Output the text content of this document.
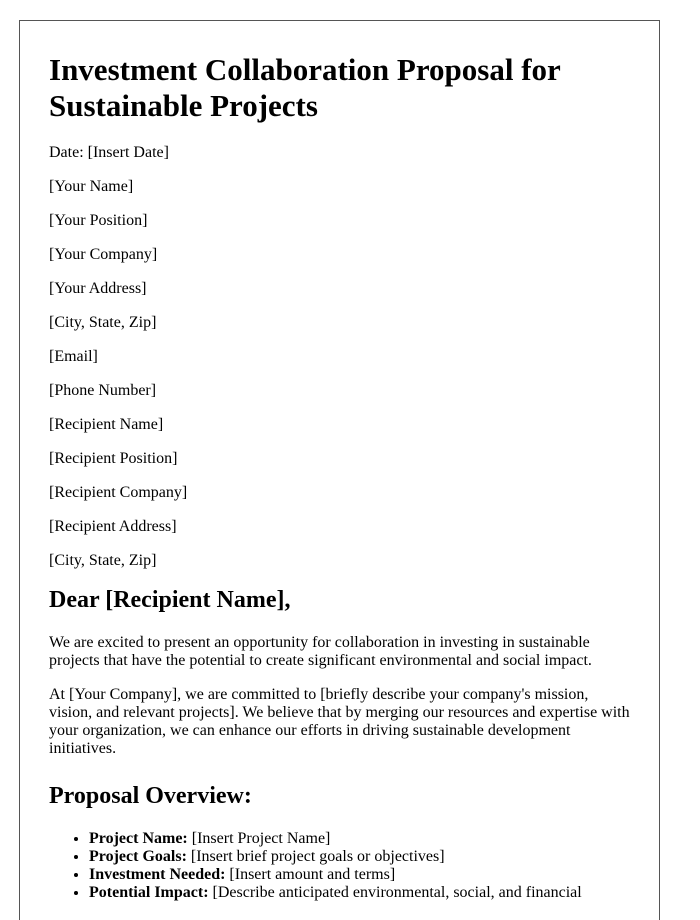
Investment Collaboration Proposal for Sustainable Projects
Date: [Insert Date]
[Your Name]
[Your Position]
[Your Company]
[Your Address]
[City, State, Zip]
[Email]
[Phone Number]
[Recipient Name]
[Recipient Position]
[Recipient Company]
[Recipient Address]
[City, State, Zip]
Dear [Recipient Name],

We are excited to present an opportunity for collaboration in investing in sustainable projects that have the potential to create significant environmental and social impact.

At [Your Company], we are committed to [briefly describe your company's mission, vision, and relevant projects]. We believe that by merging our resources and expertise with your organization, we can enhance our efforts in driving sustainable development initiatives.

Proposal Overview:
• Project Name: [Insert Project Name]
• Project Goals: [Insert brief project goals or objectives]
• Investment Needed: [Insert amount and terms]
• Potential Impact: [Describe anticipated environmental, social, and financial
